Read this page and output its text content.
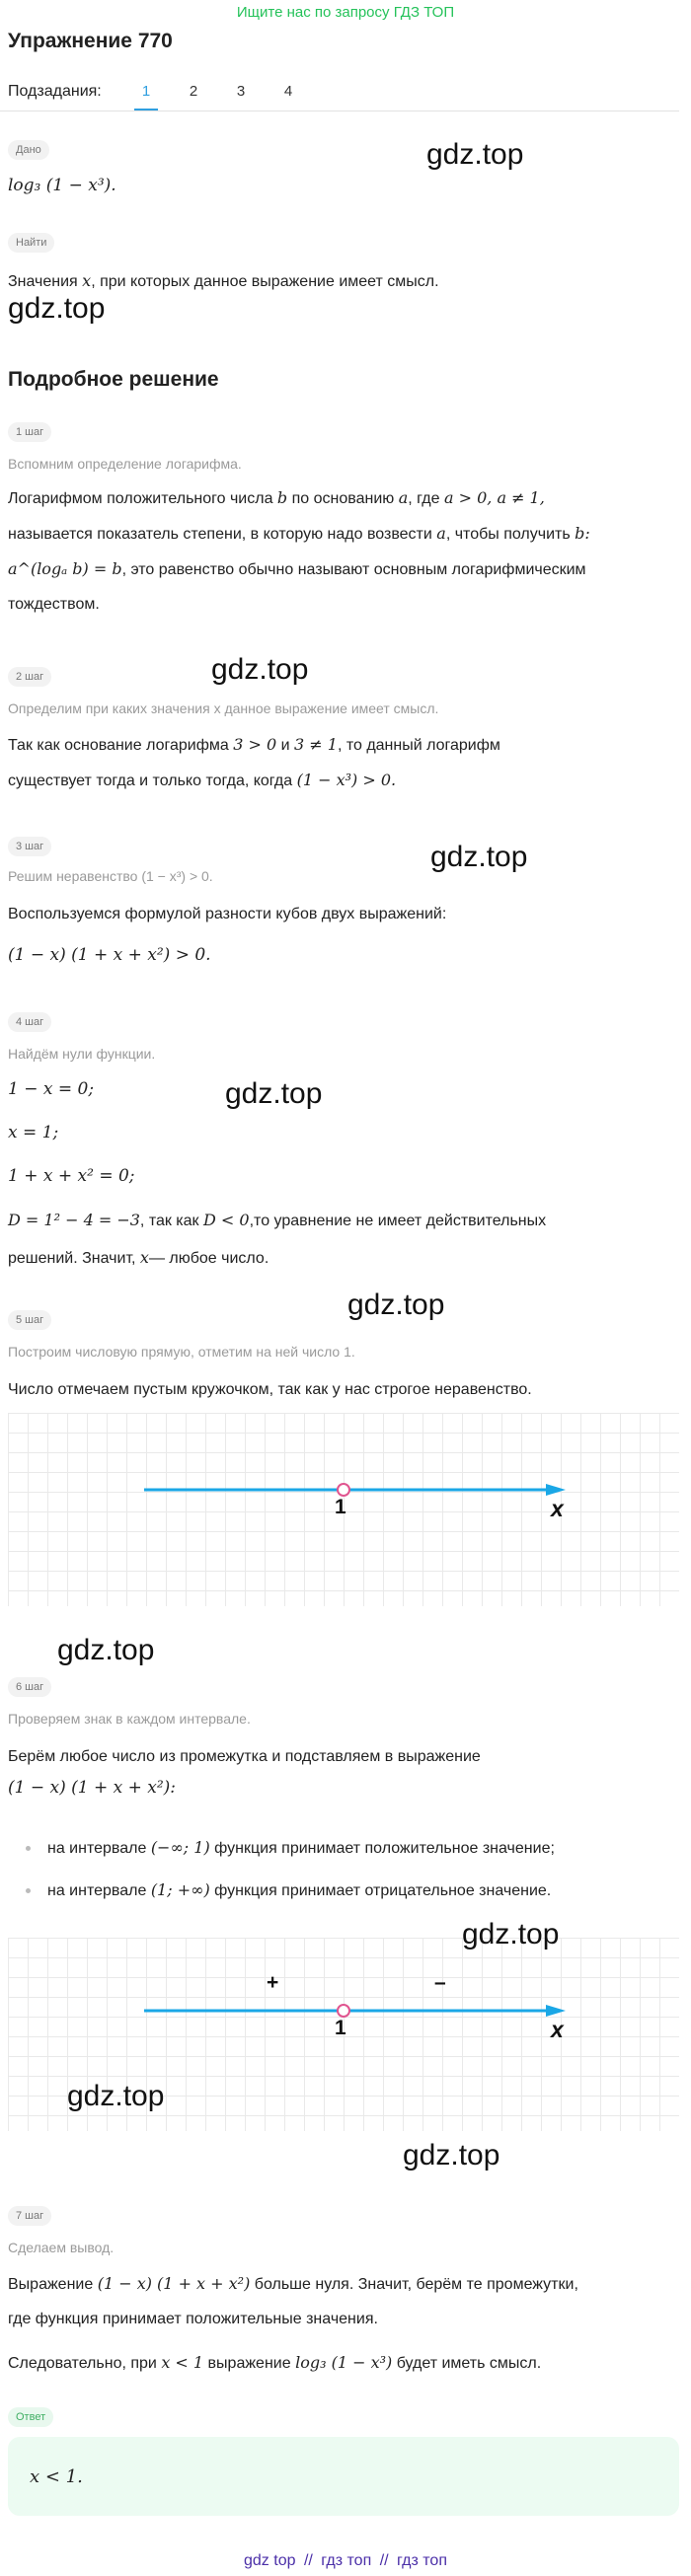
Ищите нас по запросу ГДЗ ТОП
Упражнение 770
Подзадания:	1	2	3	4
Дано
log₃ (1 − x³).
gdz.top
Найти
Значения x, при которых данное выражение имеет смысл.
gdz.top
Подробное решение
1 шаг
Вспомним определение логарифма.
Логарифмом положительного числа b по основанию a, где a > 0, a ≠ 1,
называется показатель степени, в которую надо возвести a, чтобы получить b:
a^(logₐ b) = b, это равенство обычно называют основным логарифмическим
тождеством.
2 шаг	gdz.top
Определим при каких значения x данное выражение имеет смысл.
Так как основание логарифма 3 > 0 и 3 ≠ 1, то данный логарифм
существует тогда и только тогда, когда (1 − x³) > 0.
3 шаг	gdz.top
Решим неравенство (1 − x³) > 0.
Воспользуемся формулой разности кубов двух выражений:
(1 − x) (1 + x + x²) > 0.
4 шаг
Найдём нули функции.
1 − x = 0;	gdz.top
x = 1;
1 + x + x² = 0;
D = 1² − 4 = −3, так как D < 0,то уравнение не имеет действительных
решений. Значит, x— любое число.
gdz.top
5 шаг
Построим числовую прямую, отметим на ней число 1.
Число отмечаем пустым кружочком, так как у нас строгое неравенство.
1	x
gdz.top
6 шаг
Проверяем знак в каждом интервале.
Берём любое число из промежутка и подставляем в выражение
(1 − x) (1 + x + x²):
на интервале (−∞; 1) функция принимает положительное значение;
на интервале (1; +∞) функция принимает отрицательное значение.
+	–
1	x
gdz.top
gdz.top
gdz.top
7 шаг
Сделаем вывод.
Выражение (1 − x) (1 + x + x²) больше нуля. Значит, берём те промежутки,
где функция принимает положительные значения.
Следовательно, при x < 1 выражение log₃ (1 − x³) будет иметь смысл.
Ответ
x < 1.
gdz top // гдз топ // гдз топ
